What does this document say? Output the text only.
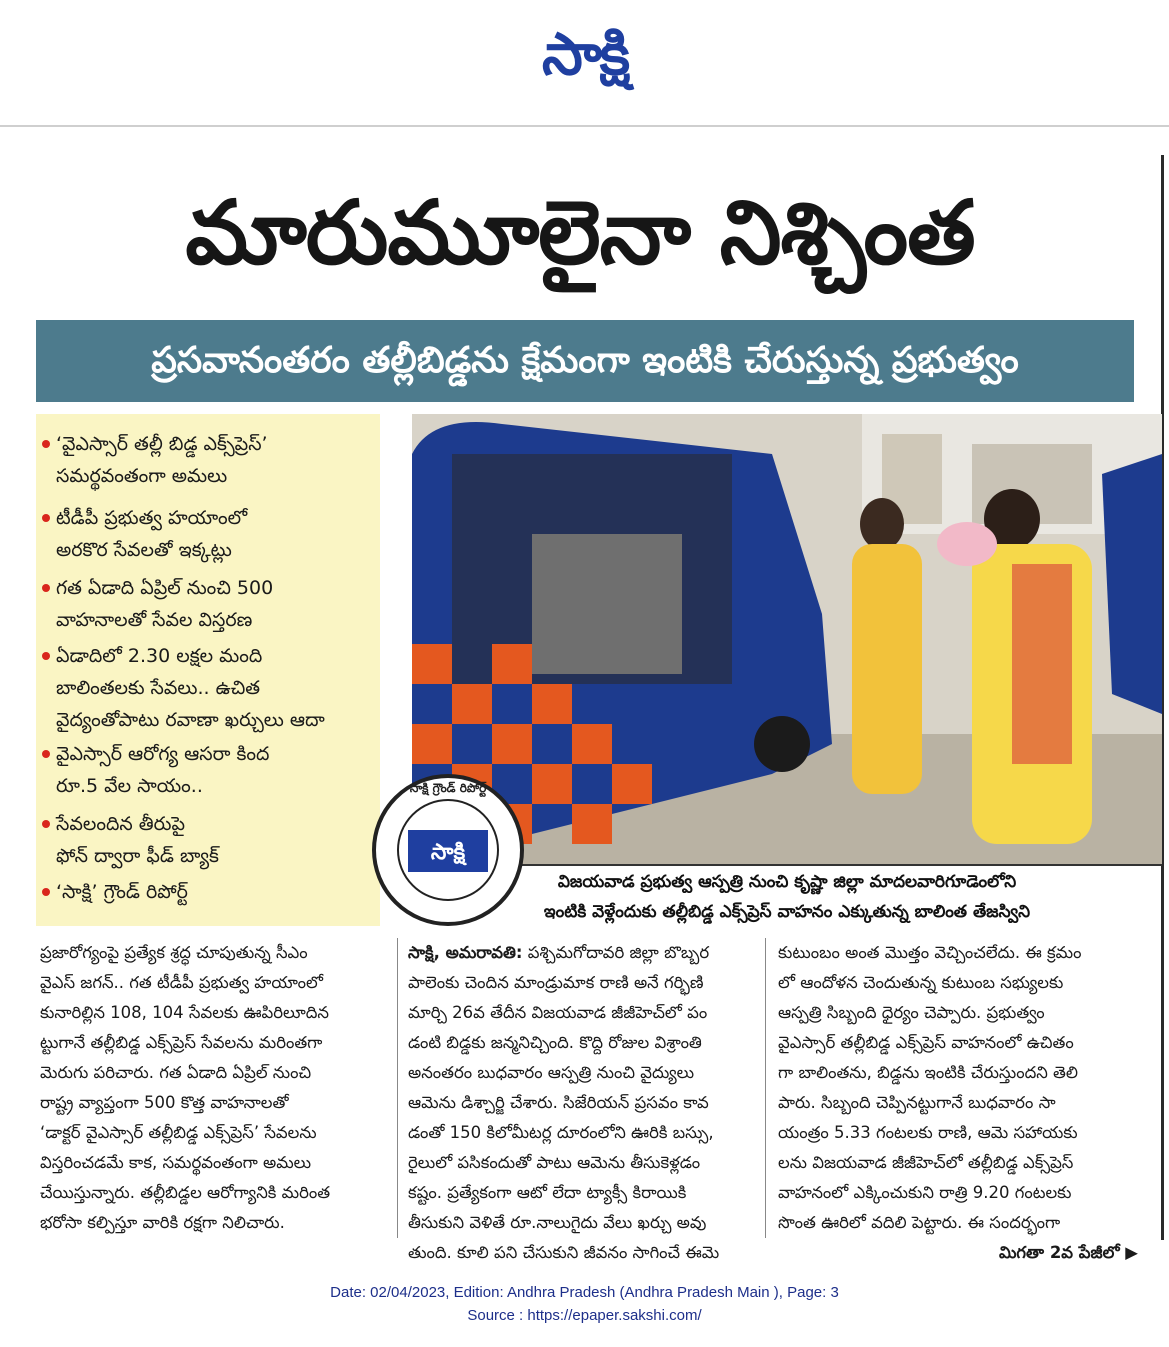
సాక్షి
మారుమూలైనా నిశ్చింత
ప్రసవానంతరం తల్లీబిడ్డను క్షేమంగా ఇంటికి చేరుస్తున్న ప్రభుత్వం
‘వైఎస్సార్ తల్లీ బిడ్డ ఎక్స్‌ప్రెస్’
సమర్థవంతంగా అమలు
టీడీపీ ప్రభుత్వ హయాంలో
అరకొర సేవలతో ఇక్కట్లు
గత ఏడాది ఏప్రిల్ నుంచి 500
వాహనాలతో సేవల విస్తరణ
ఏడాదిలో 2.30 లక్షల మంది
బాలింతలకు సేవలు.. ఉచిత
వైద్యంతోపాటు రవాణా ఖర్చులు ఆదా
వైఎస్సార్ ఆరోగ్య ఆసరా కింద
రూ.5 వేల సాయం..
సేవలందిన తీరుపై
ఫోన్ ద్వారా ఫీడ్ బ్యాక్
‘సాక్షి’ గ్రౌండ్ రిపోర్ట్	విజయవాడ ప్రభుత్వ ఆస్పత్రి నుంచి కృష్ణా జిల్లా మాదలవారిగూడెంలోని
ఇంటికి వెళ్లేందుకు తల్లీబిడ్డ ఎక్స్‌ప్రెస్ వాహనం ఎక్కుతున్న బాలింత తేజస్విని
సాక్షి గ్రౌండ్ రిపోర్ట్
సాక్షి
ప్రజారోగ్యంపై ప్రత్యేక శ్రద్ధ చూపుతున్న సీఎం
వైఎస్ జగన్.. గత టీడీపీ ప్రభుత్వ హయాంలో
కునారిల్లిన 108, 104 సేవలకు ఊపిరిలూదిన
ట్టుగానే తల్లీబిడ్డ ఎక్స్‌ప్రెస్ సేవలను మరింతగా
మెరుగు పరిచారు. గత ఏడాది ఏప్రిల్ నుంచి
రాష్ట్ర వ్యాప్తంగా 500 కొత్త వాహనాలతో
‘డాక్టర్ వైఎస్సార్ తల్లీబిడ్డ ఎక్స్‌ప్రెస్’ సేవలను
విస్తరించడమే కాక, సమర్థవంతంగా అమలు
చేయిస్తున్నారు. తల్లీబిడ్డల ఆరోగ్యానికి మరింత
భరోసా కల్పిస్తూ వారికి రక్షగా నిలిచారు.
సాక్షి, అమరావతి: పశ్చిమగోదావరి జిల్లా బొబ్బర
పాలెంకు చెందిన మాండ్రుమాక రాణి అనే గర్భిణి
మార్చి 26వ తేదీన విజయవాడ జీజీహెచ్‌లో పం
డంటి బిడ్డకు జన్మనిచ్చింది. కొద్ది రోజుల విశ్రాంతి
అనంతరం బుధవారం ఆస్పత్రి నుంచి వైద్యులు
ఆమెను డిశ్చార్జి చేశారు. సిజేరియన్ ప్రసవం కావ
డంతో 150 కిలోమీటర్ల దూరంలోని ఊరికి బస్సు,
రైలులో పసికందుతో పాటు ఆమెను తీసుకెళ్లడం
కష్టం. ప్రత్యేకంగా ఆటో లేదా ట్యాక్సీ కిరాయికి
తీసుకుని వెళితే రూ.నాలుగైదు వేలు ఖర్చు అవు
తుంది. కూలి పని చేసుకుని జీవనం సాగించే ఈమె
కుటుంబం అంత మొత్తం వెచ్చించలేదు. ఈ క్రమం
లో ఆందోళన చెందుతున్న కుటుంబ సభ్యులకు
ఆస్పత్రి సిబ్బంది ధైర్యం చెప్పారు. ప్రభుత్వం
వైఎస్సార్ తల్లీబిడ్డ ఎక్స్‌ప్రెస్ వాహనంలో ఉచితం
గా బాలింతను, బిడ్డను ఇంటికి చేరుస్తుందని తెలి
పారు. సిబ్బంది చెప్పినట్టుగానే బుధవారం సా
యంత్రం 5.33 గంటలకు రాణి, ఆమె సహాయకు
లను విజయవాడ జీజీహెచ్‌లో తల్లీబిడ్డ ఎక్స్‌ప్రెస్
వాహనంలో ఎక్కించుకుని రాత్రి 9.20 గంటలకు
సొంత ఊరిలో వదిలి పెట్టారు. ఈ సందర్భంగా
మిగతా 2వ పేజీలో ▶
Date: 02/04/2023, Edition: Andhra Pradesh (Andhra Pradesh Main ), Page: 3
Source : https://epaper.sakshi.com/
